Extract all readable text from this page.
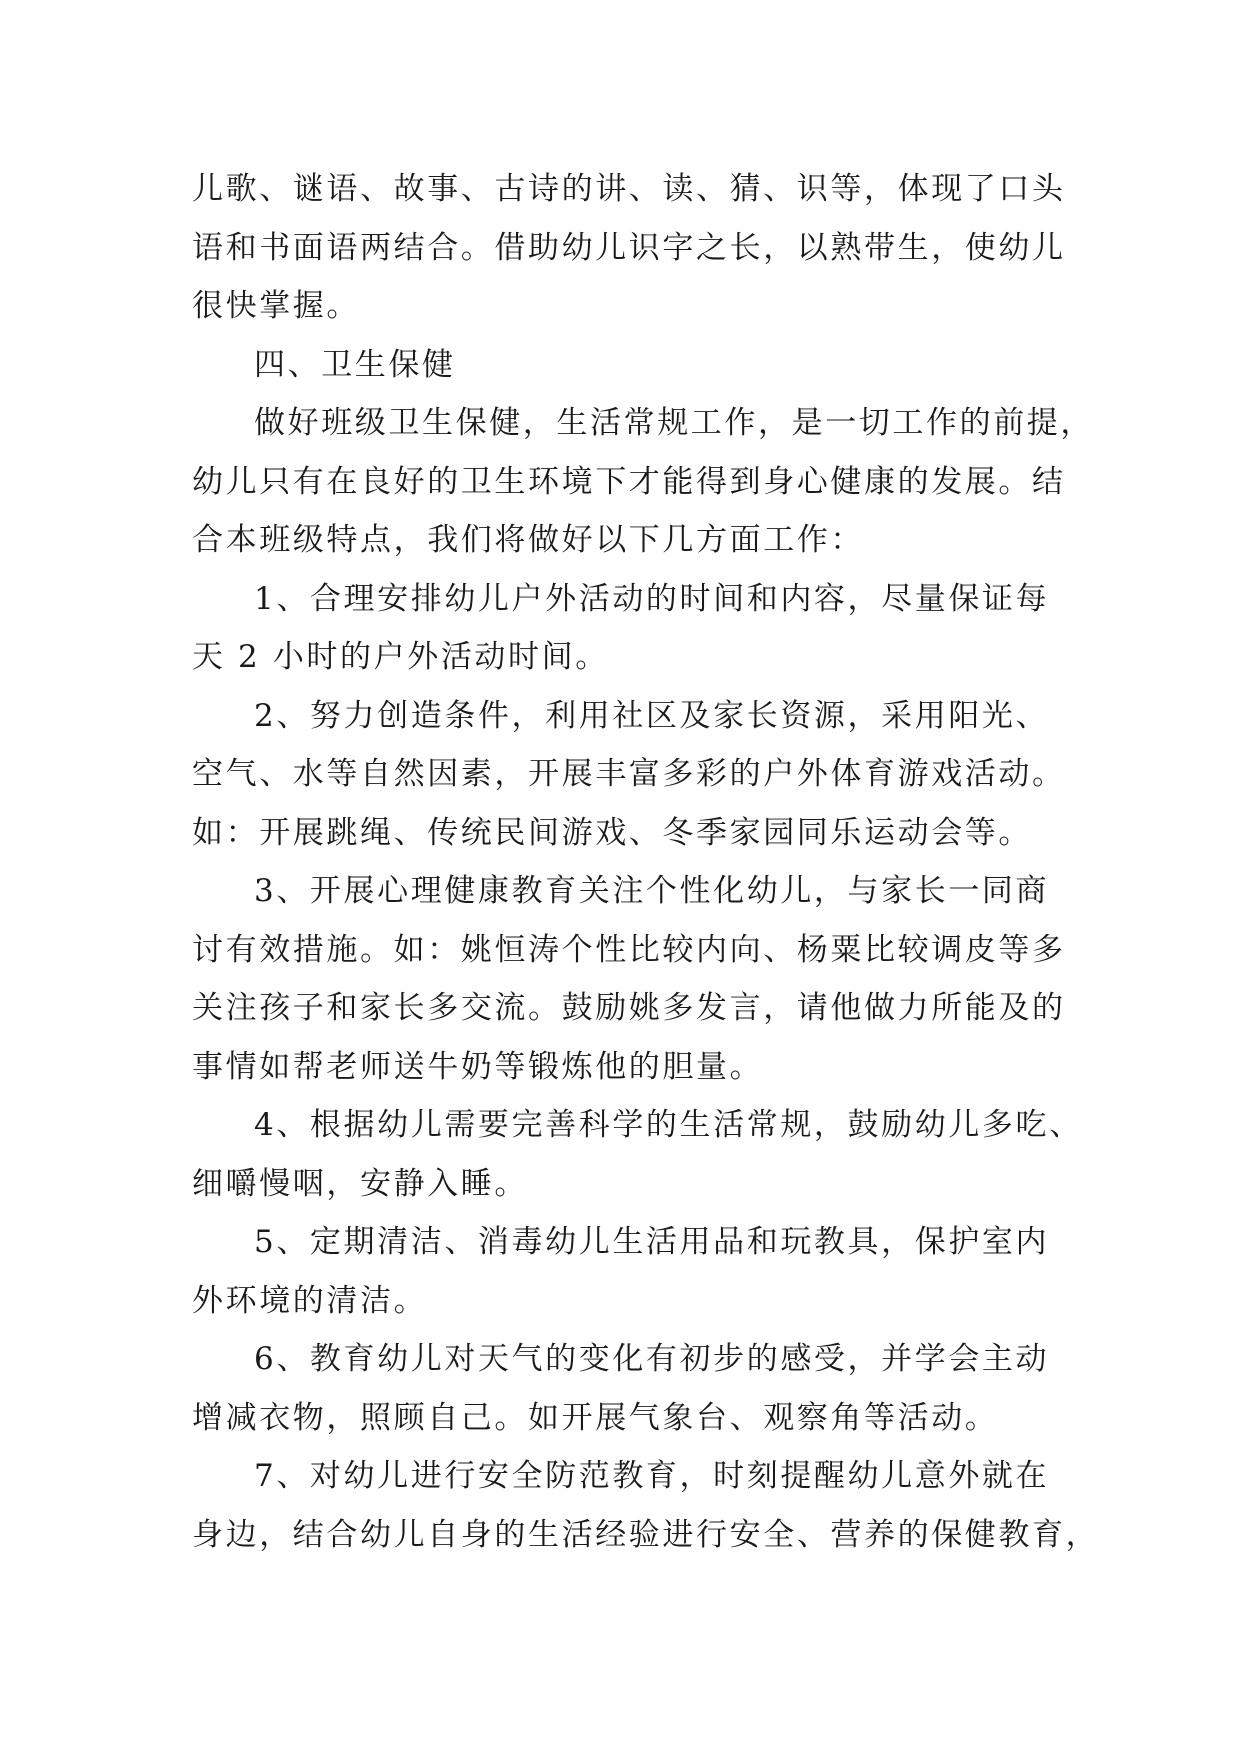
儿歌、谜语、故事、古诗的讲、读、猜、识等，体现了口头
语和书面语两结合。借助幼儿识字之长，以熟带生，使幼儿
很快掌握。
四、卫生保健
做好班级卫生保健，生活常规工作，是一切工作的前提，
幼儿只有在良好的卫生环境下才能得到身心健康的发展。结
合本班级特点，我们将做好以下几方面工作：
1、合理安排幼儿户外活动的时间和内容，尽量保证每
天 2 小时的户外活动时间。
2、努力创造条件，利用社区及家长资源，采用阳光、
空气、水等自然因素，开展丰富多彩的户外体育游戏活动。
如：开展跳绳、传统民间游戏、冬季家园同乐运动会等。
3、开展心理健康教育关注个性化幼儿，与家长一同商
讨有效措施。如：姚恒涛个性比较内向、杨粟比较调皮等多
关注孩子和家长多交流。鼓励姚多发言，请他做力所能及的
事情如帮老师送牛奶等锻炼他的胆量。
4、根据幼儿需要完善科学的生活常规，鼓励幼儿多吃、
细嚼慢咽，安静入睡。
5、定期清洁、消毒幼儿生活用品和玩教具，保护室内
外环境的清洁。
6、教育幼儿对天气的变化有初步的感受，并学会主动
增减衣物，照顾自己。如开展气象台、观察角等活动。
7、对幼儿进行安全防范教育，时刻提醒幼儿意外就在
身边，结合幼儿自身的生活经验进行安全、营养的保健教育，
